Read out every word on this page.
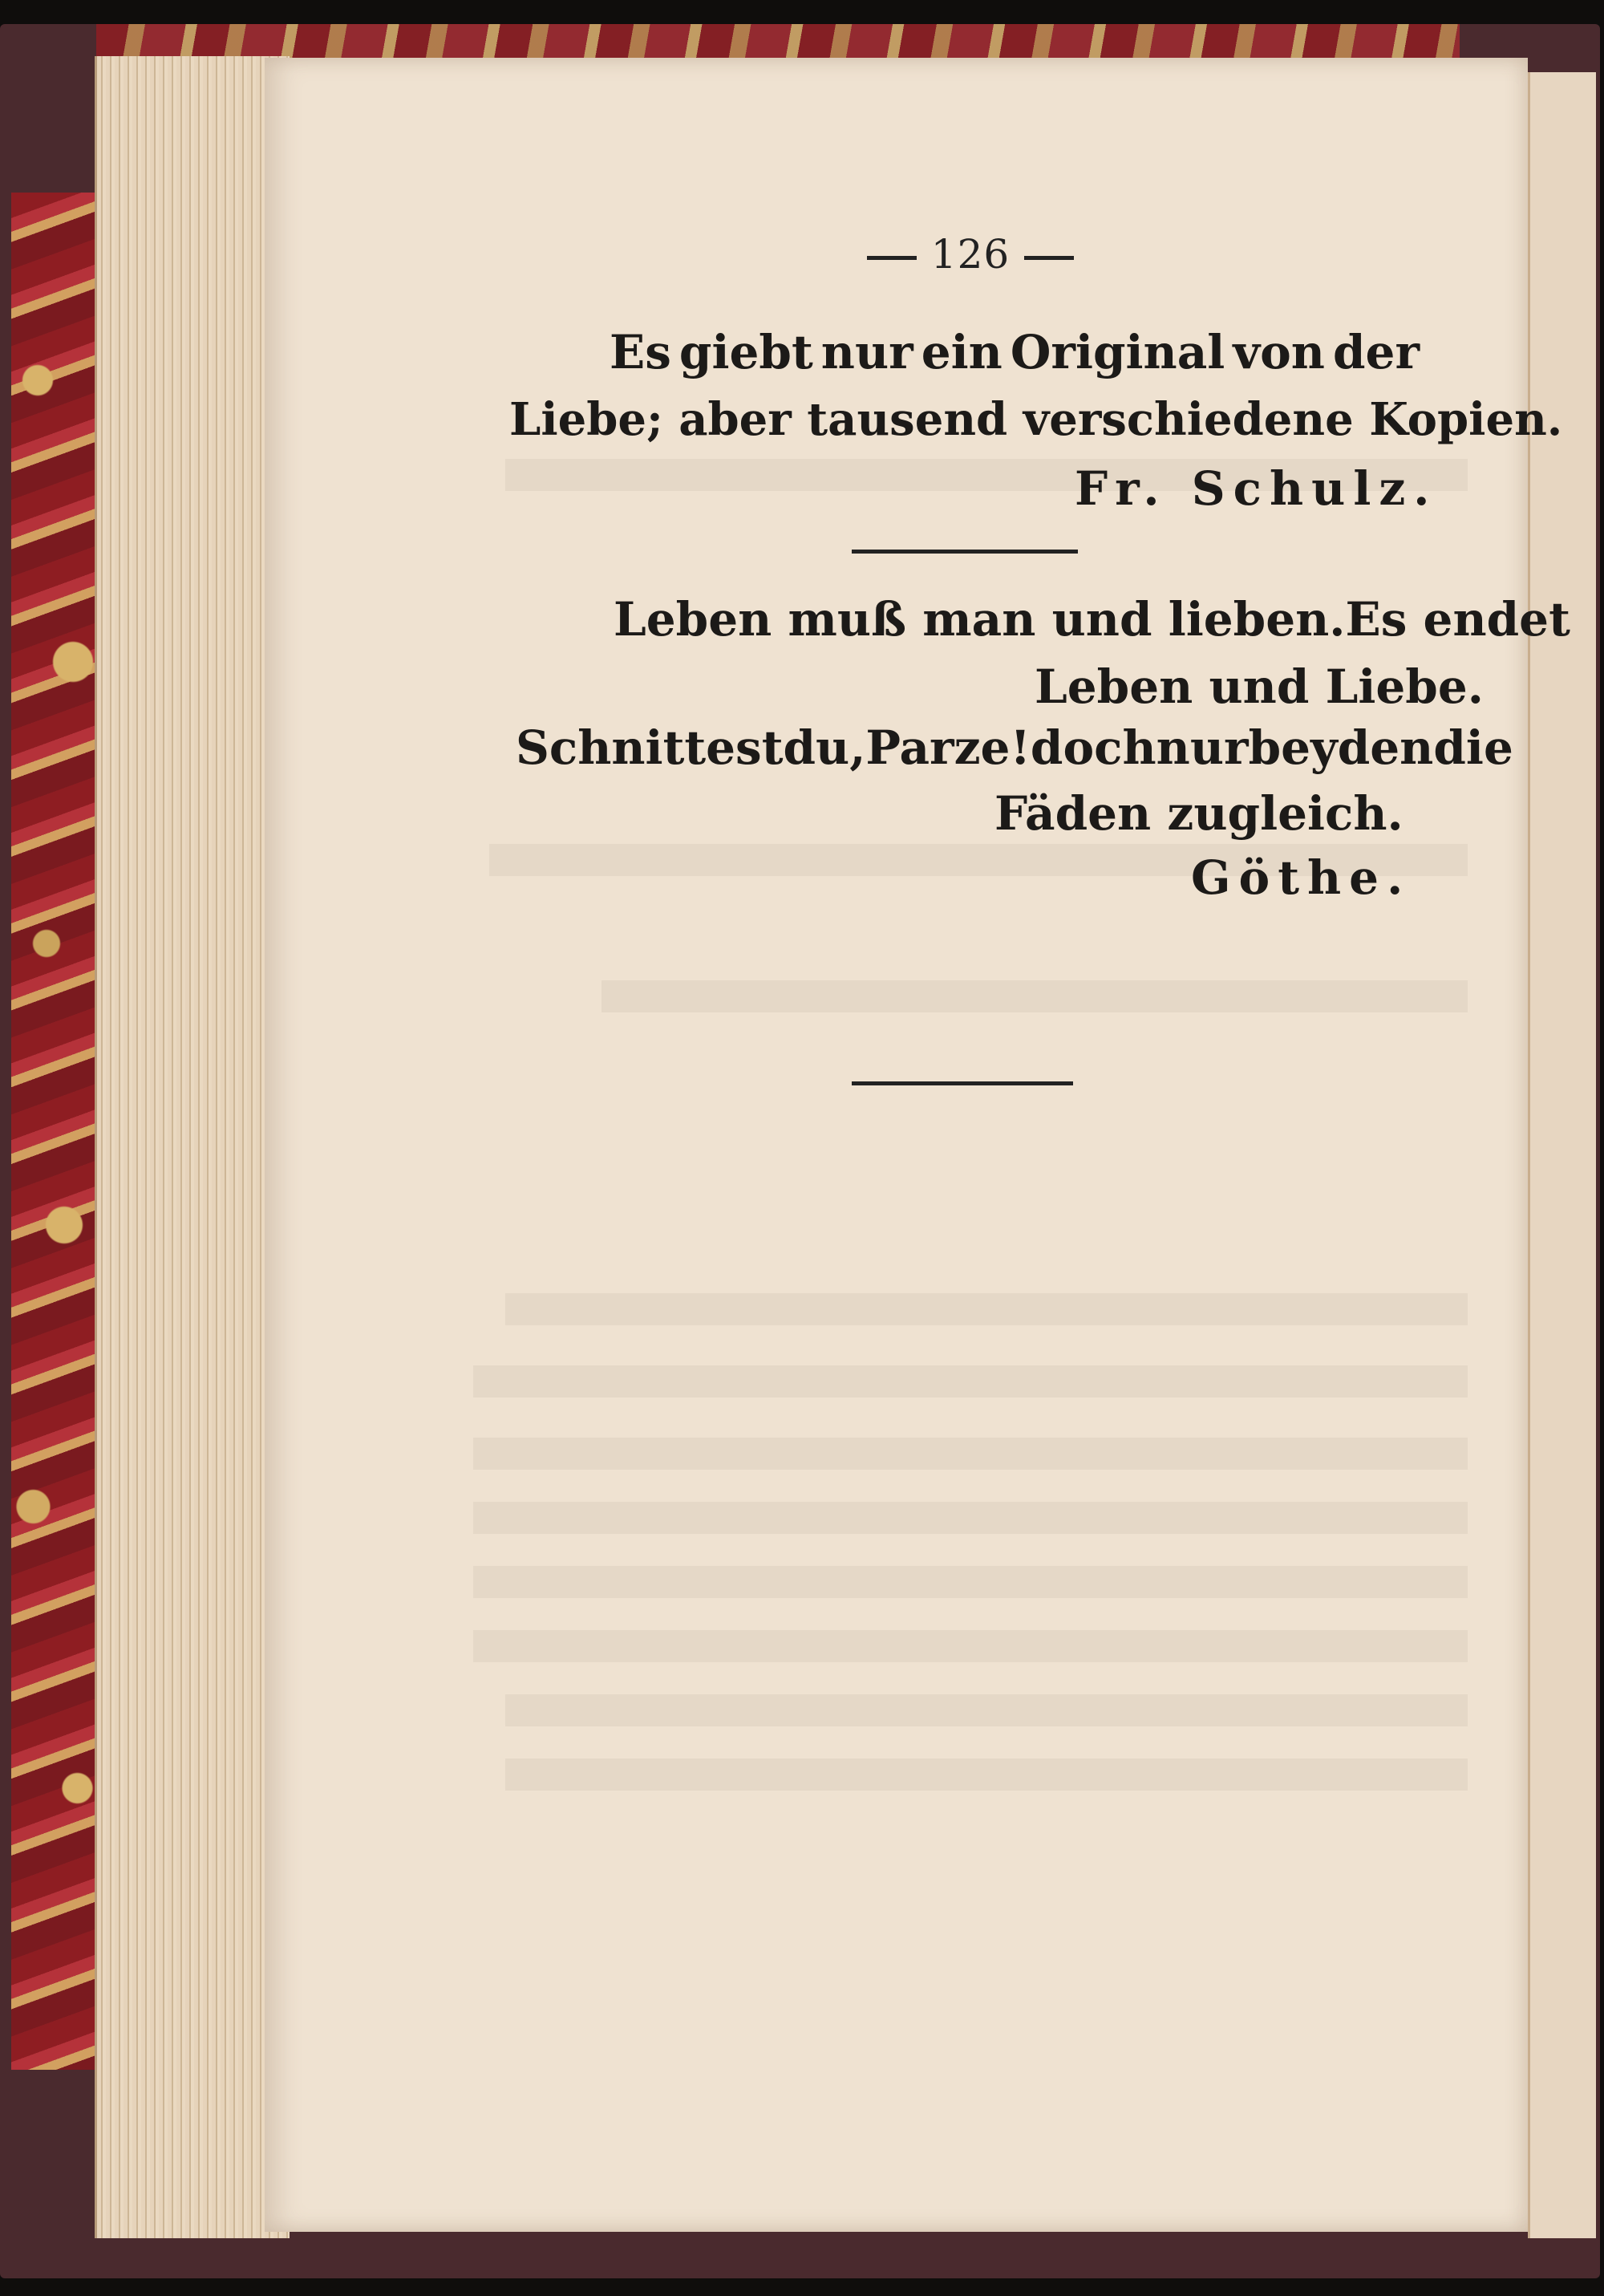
126
Es giebt nur ein Original von der
Liebe; aber tausend verschiedene Kopien.
Fr. Schulz.
Leben muß man und lieben. Es endet
Leben und Liebe.
Schnittest du, Parze! doch nur beyden die
Fäden zugleich.
Göthe.
